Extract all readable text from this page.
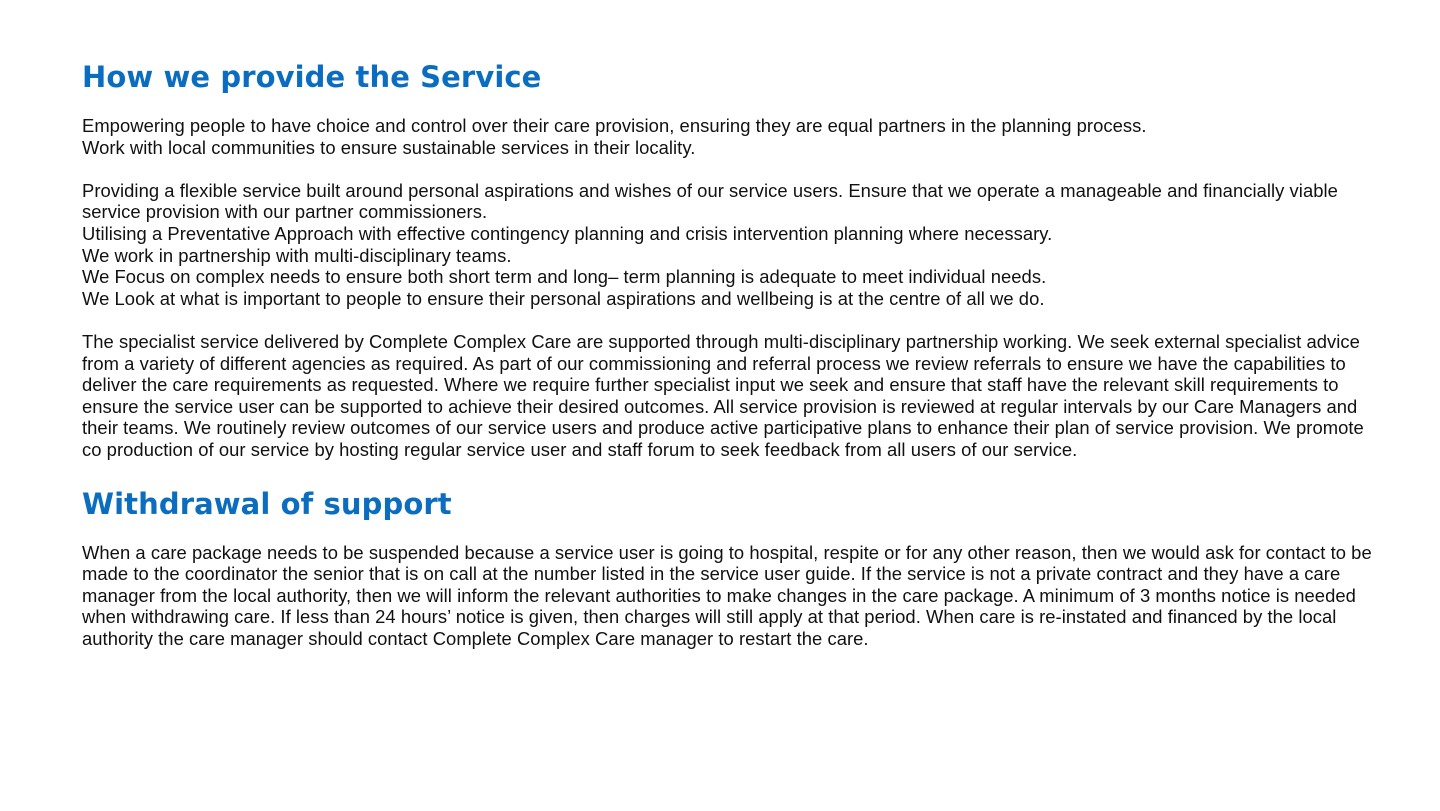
How we provide the Service

Empowering people to have choice and control over their care provision, ensuring they are equal partners in the planning process.

Work with local communities to ensure sustainable services in their locality.

Providing a flexible service built around personal aspirations and wishes of our service users. Ensure that we operate a manageable and financially viable service provision with our partner commissioners.

Utilising a Preventative Approach with effective contingency planning and crisis intervention planning where necessary.

We work in partnership with multi-disciplinary teams.

We Focus on complex needs to ensure both short term and long– term planning is adequate to meet individual needs.

We Look at what is important to people to ensure their personal aspirations and wellbeing is at the centre of all we do.

The specialist service delivered by Complete Complex Care are supported through multi-disciplinary partnership working. We seek external specialist advice from a variety of different agencies as required. As part of our commissioning and referral process we review referrals to ensure we have the capabilities to deliver the care requirements as requested. Where we require further specialist input we seek and ensure that staff have the relevant skill requirements to ensure the service user can be supported to achieve their desired outcomes. All service provision is reviewed at regular intervals by our Care Managers and their teams. We routinely review outcomes of our service users and produce active participative plans to enhance their plan of service provision. We promote co production of our service by hosting regular service user and staff forum to seek feedback from all users of our service.

Withdrawal of support

When a care package needs to be suspended because a service user is going to hospital, respite or for any other reason, then we would ask for contact to be made to the coordinator the senior that is on call at the number listed in the service user guide. If the service is not a private contract and they have a care manager from the local authority, then we will inform the relevant authorities to make changes in the care package. A minimum of 3 months notice is needed when withdrawing care. If less than 24 hours’ notice is given, then charges will still apply at that period. When care is re-instated and financed by the local authority the care manager should contact Complete Complex Care manager to restart the care.
